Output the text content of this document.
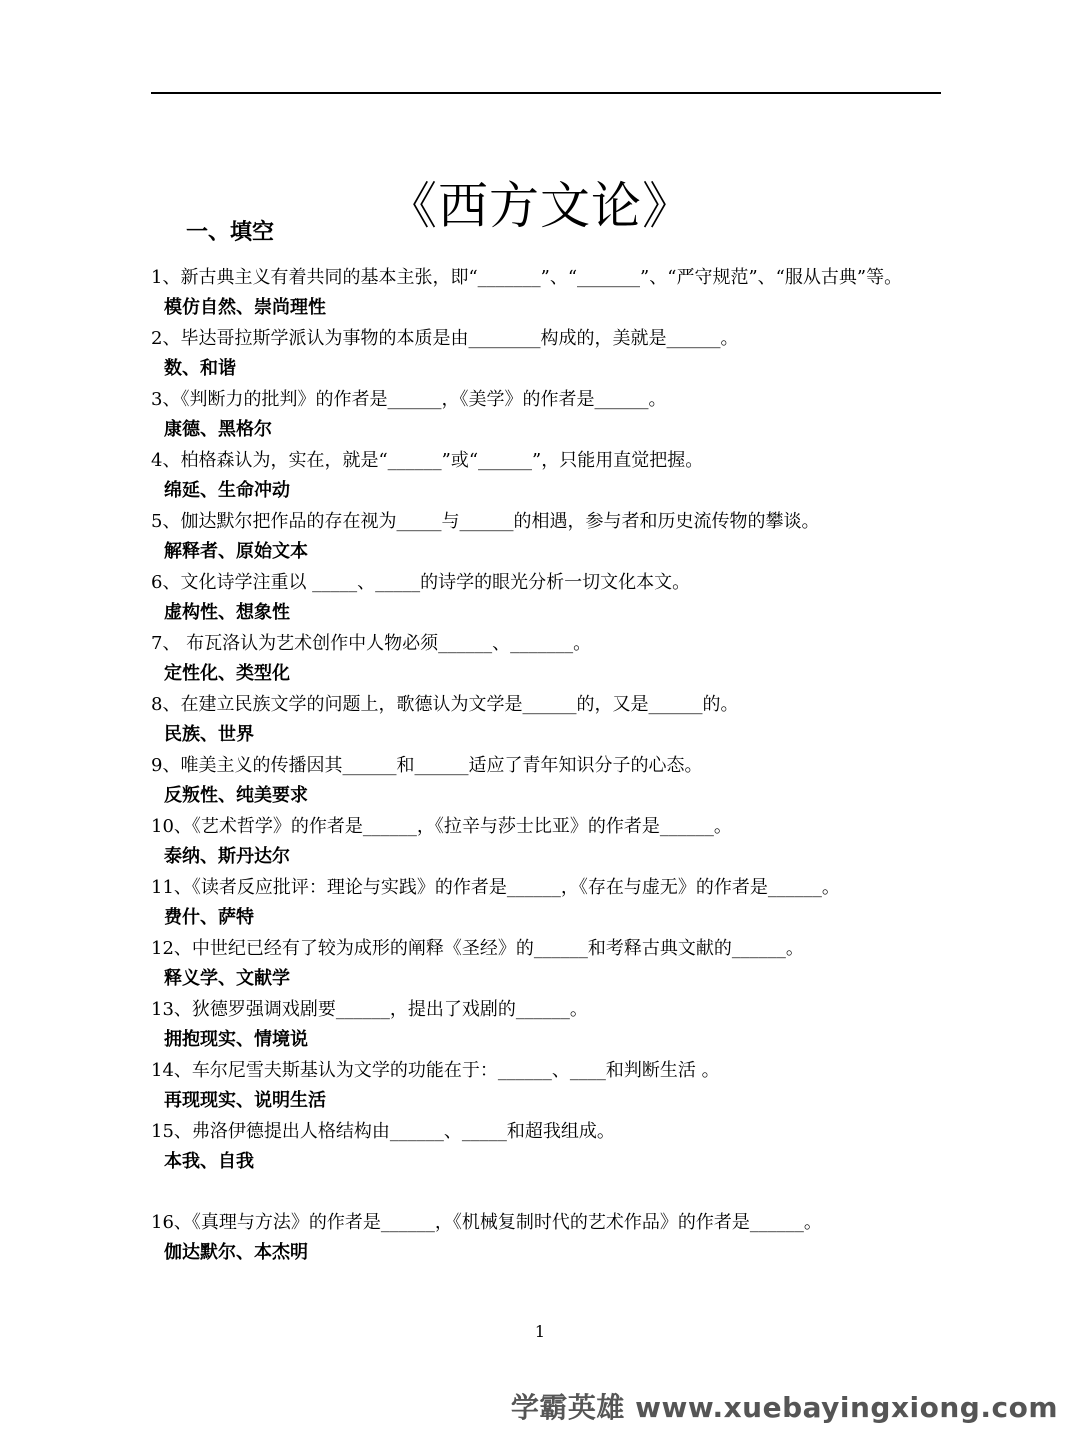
《西方文论》
一、填空

1、新古典主义有着共同的基本主张，即“_______”、“_______”、“严守规范”、“服从古典”等。

模仿自然、崇尚理性

2、毕达哥拉斯学派认为事物的本质是由________构成的，美就是______。

数、和谐

3、《判断力的批判》的作者是______，《美学》的作者是______。

康德、黑格尔

4、柏格森认为，实在，就是“______”或“______”，只能用直觉把握。

绵延、生命冲动

5、伽达默尔把作品的存在视为_____与______的相遇，参与者和历史流传物的攀谈。

解释者、原始文本

6、文化诗学注重以 _____、_____的诗学的眼光分析一切文化本文。

虚构性、想象性

7、 布瓦洛认为艺术创作中人物必须______、_______。

定性化、类型化

8、在建立民族文学的问题上，歌德认为文学是______的，又是______的。

民族、世界

9、唯美主义的传播因其______和______适应了青年知识分子的心态。

反叛性、纯美要求

10、《艺术哲学》的作者是______，《拉辛与莎士比亚》的作者是______。

泰纳、斯丹达尔

11、《读者反应批评：理论与实践》的作者是______，《存在与虚无》的作者是______。

费什、萨特

12、中世纪已经有了较为成形的阐释《圣经》的______和考释古典文献的______。

释义学、文献学

13、狄德罗强调戏剧要______，提出了戏剧的______。

拥抱现实、情境说

14、车尔尼雪夫斯基认为文学的功能在于：______、____和判断生活 。

再现现实、说明生活

15、弗洛伊德提出人格结构由______、_____和超我组成。

本我、自我

16、《真理与方法》的作者是______，《机械复制时代的艺术作品》的作者是______。

伽达默尔、本杰明

1
学霸英雄 www.xuebayingxiong.com
